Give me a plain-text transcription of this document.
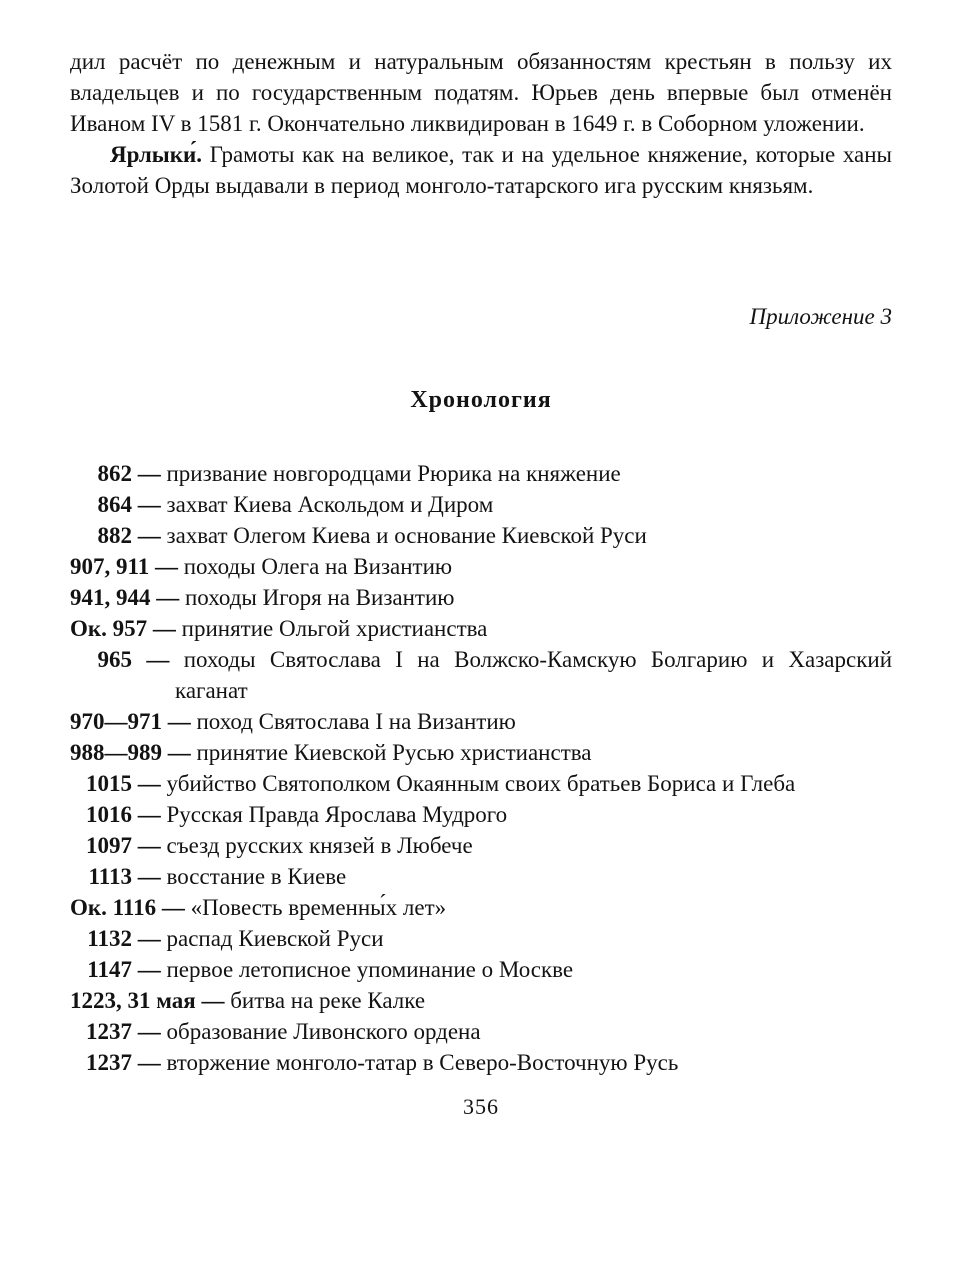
дил расчёт по денежным и натуральным обязанностям крестьян в пользу их владельцев и по государственным податям. Юрьев день впервые был отменён Иваном IV в 1581 г. Окончательно ликвидирован в 1649 г. в Соборном уложении.

Ярлыки́. Грамоты как на великое, так и на удельное княжение, которые ханы Золотой Орды выдавали в период монголо-татарского ига русским князьям.

Приложение 3

Хронология

862 — призвание новгородцами Рюрика на княжение

864 — захват Киева Аскольдом и Диром

882 — захват Олегом Киева и основание Киевской Руси

907, 911 — походы Олега на Византию

941, 944 — походы Игоря на Византию

Ок. 957 — принятие Ольгой христианства

965 — походы Святослава I на Волжско-Камскую Болгарию и Хазарский каганат

970—971 — поход Святослава I на Византию

988—989 — принятие Киевской Русью христианства

1015 — убийство Святополком Окаянным своих братьев Бориса и Глеба

1016 — Русская Правда Ярослава Мудрого

1097 — съезд русских князей в Любече

1113 — восстание в Киеве

Ок. 1116 — «Повесть временны́х лет»

1132 — распад Киевской Руси

1147 — первое летописное упоминание о Москве

1223, 31 мая — битва на реке Калке

1237 — образование Ливонского ордена

1237 — вторжение монголо-татар в Северо-Восточную Русь

356
